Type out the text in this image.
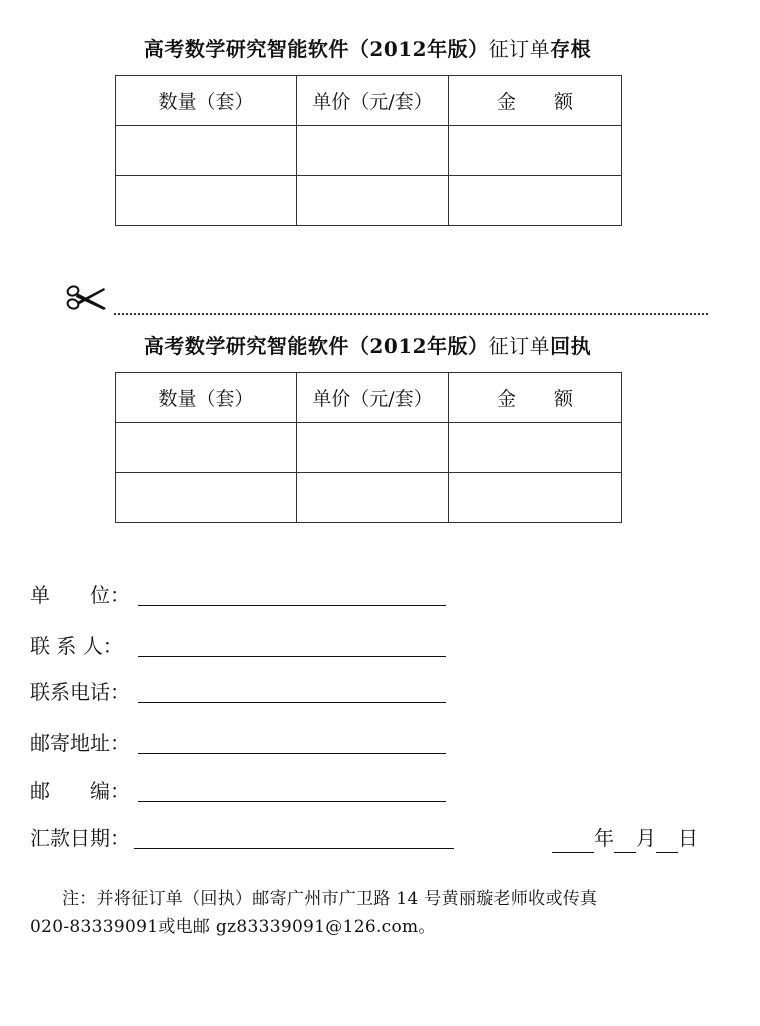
高考数学研究智能软件（2012年版）征订单存根
数量（套）	单价（元/套）	金　　额

高考数学研究智能软件（2012年版）征订单回执
数量（套）	单价（元/套）	金　　额

单　　位：
联 系 人：
联系电话：
邮寄地址：
邮　　编：
汇款日期：	年 月 日
注：并将征订单（回执）邮寄广州市广卫路 14 号黄丽璇老师收或传真
020-83339091或电邮 gz83339091@126.com。
